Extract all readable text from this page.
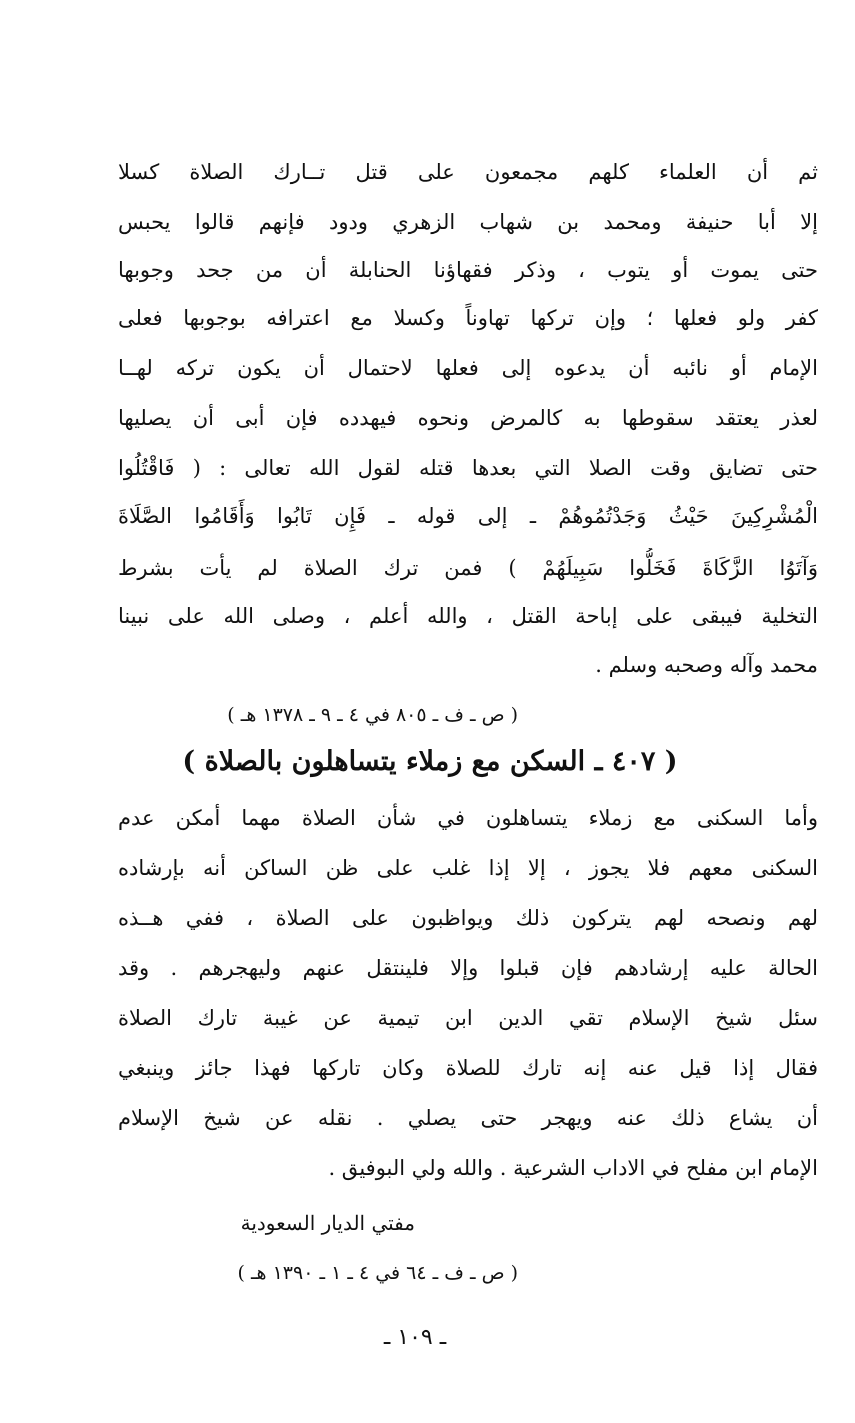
ثم أن العلماء كلهم مجمعون على قتل تــارك الصلاة كسلا
إلا أبا حنيفة ومحمد بن شهاب الزهري ودود فإنهم قالوا يحبس
حتى يموت أو يتوب ، وذكر فقهاؤنا الحنابلة أن من جحد وجوبها
كفر ولو فعلها ؛ وإن تركها تهاوناً وكسلا مع اعترافه بوجوبها فعلى
الإمام أو نائبه أن يدعوه إلى فعلها لاحتمال أن يكون تركه لهــا
لعذر يعتقد سقوطها به كالمرض ونحوه فيهدده فإن أبى أن يصليها
حتى تضايق وقت الصلا التي بعدها قتله لقول الله تعالى : ( فَاقْتُلُوا
الْمُشْرِكِينَ حَيْثُ وَجَدْتُمُوهُمْ ـ إلى قوله ـ فَإِن تَابُوا وَأَقَامُوا الصَّلَاةَ
وَآتَوُا الزَّكَاةَ فَخَلُّوا سَبِيلَهُمْ ) فمن ترك الصلاة لم يأت بشرط
التخلية فيبقى على إباحة القتل ، والله أعلم ، وصلى الله على نبينا
محمد وآله وصحبه وسلم .
( ص ـ ف ـ ٨٠٥ في ٤ ـ ٩ ـ ١٣٧٨ هـ )
( ٤٠٧ ـ السكن مع زملاء يتساهلون بالصلاة )
وأما السكنى مع زملاء يتساهلون في شأن الصلاة مهما أمكن عدم
السكنى معهم فلا يجوز ، إلا إذا غلب على ظن الساكن أنه بإرشاده
لهم ونصحه لهم يتركون ذلك ويواظبون على الصلاة ، ففي هــذه
الحالة عليه إرشادهم فإن قبلوا وإلا فلينتقل عنهم وليهجرهم . وقد
سئل شيخ الإسلام تقي الدين ابن تيمية عن غيبة تارك الصلاة
فقال إذا قيل عنه إنه تارك للصلاة وكان تاركها فهذا جائز وينبغي
أن يشاع ذلك عنه ويهجر حتى يصلي . نقله عن شيخ الإسلام
الإمام ابن مفلح في الاداب الشرعية . والله ولي البوفيق .
مفتي الديار السعودية
( ص ـ ف ـ ٦٤ في ٤ ـ ١ ـ ١٣٩٠ هـ )
ـ ١٠٩ ـ
